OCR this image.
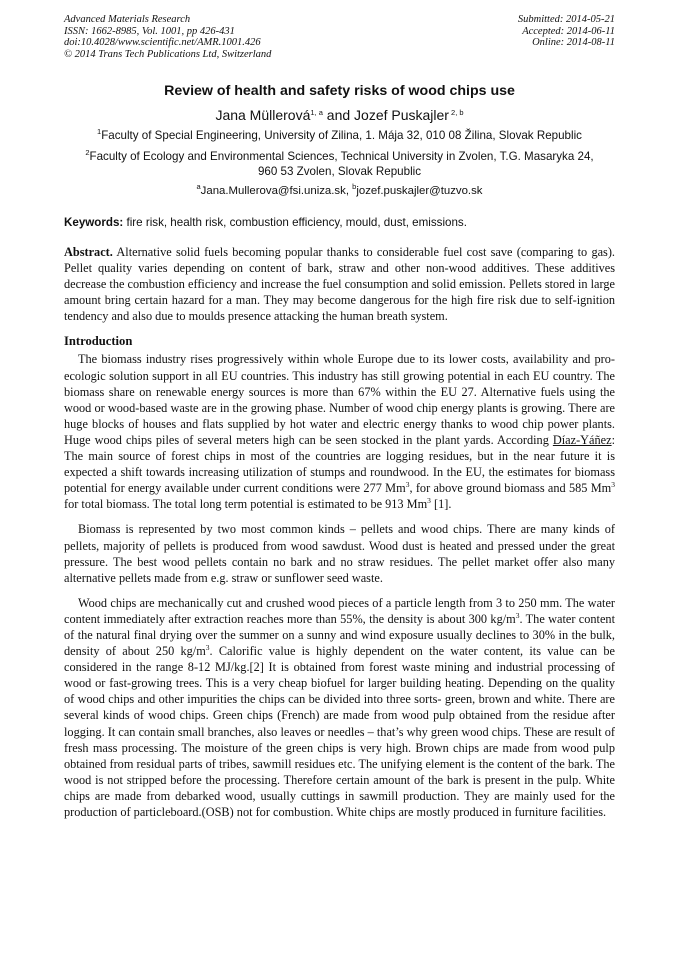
Advanced Materials Research
ISSN: 1662-8985, Vol. 1001, pp 426-431
doi:10.4028/www.scientific.net/AMR.1001.426
© 2014 Trans Tech Publications Ltd, Switzerland
Submitted: 2014-05-21
Accepted: 2014-06-11
Online: 2014-08-11
Review of health and safety risks of wood chips use
Jana Müllerová$^{1, a}$ and Jozef Puskajler $^{2, b}$
$^1$Faculty of Special Engineering, University of Zilina, 1. Mája 32, 010 08 Žilina, Slovak Republic
$^2$Faculty of Ecology and Environmental Sciences, Technical University in Zvolen, T.G. Masaryka 24,
960 53 Zvolen, Slovak Republic
$^a$Jana.Mullerova@fsi.uniza.sk, $^b$jozef.puskajler@tuzvo.sk
Keywords: fire risk, health risk, combustion efficiency, mould, dust, emissions.
Abstract. Alternative solid fuels becoming popular thanks to considerable fuel cost save (comparing to gas). Pellet quality varies depending on content of bark, straw and other non-wood additives. These additives decrease the combustion efficiency and increase the fuel consumption and solid emission. Pellets stored in large amount bring certain hazard for a man. They may become dangerous for the high fire risk due to self-ignition tendency and also due to moulds presence attacking the human breath system.
Introduction

The biomass industry rises progressively within whole Europe due to its lower costs, availability and pro-ecologic solution support in all EU countries. This industry has still growing potential in each EU country. The biomass share on renewable energy sources is more than 67% within the EU 27. Alternative fuels using the wood or wood-based waste are in the growing phase. Number of wood chip energy plants is growing. There are huge blocks of houses and flats supplied by hot water and electric energy thanks to wood chip power plants. Huge wood chips piles of several meters high can be seen stocked in the plant yards. According Díaz-Yáñez: The main source of forest chips in most of the countries are logging residues, but in the near future it is expected a shift towards increasing utilization of stumps and roundwood. In the EU, the estimates for biomass potential for energy available under current conditions were 277 Mm$^3$, for above ground biomass and 585 Mm$^3$ for total biomass. The total long term potential is estimated to be 913 Mm$^3$ [1].

Biomass is represented by two most common kinds – pellets and wood chips. There are many kinds of pellets, majority of pellets is produced from wood sawdust. Wood dust is heated and pressed under the great pressure. The best wood pellets contain no bark and no straw residues. The pellet market offer also many alternative pellets made from e.g. straw or sunflower seed waste.

Wood chips are mechanically cut and crushed wood pieces of a particle length from 3 to 250 mm. The water content immediately after extraction reaches more than 55%, the density is about 300 $kg/m^3$. The water content of the natural final drying over the summer on a sunny and wind exposure usually declines to 30% in the bulk, density of about 250 $kg/m^3$. Calorific value is highly dependent on the water content, its value can be considered in the range 8-12 MJ/kg.[2] It is obtained from forest waste mining and industrial processing of wood or fast-growing trees. This is a very cheap biofuel for larger building heating. Depending on the quality of wood chips and other impurities the chips can be divided into three sorts- green, brown and white. There are several kinds of wood chips. Green chips (French) are made from wood pulp obtained from the residue after logging. It can contain small branches, also leaves or needles – that’s why green wood chips. These are result of fresh mass processing. The moisture of the green chips is very high. Brown chips are made from wood pulp obtained from residual parts of tribes, sawmill residues etc. The unifying element is the content of the bark. The wood is not stripped before the processing. Therefore certain amount of the bark is present in the pulp. White chips are made from debarked wood, usually cuttings in sawmill production. They are mainly used for the production of particleboard.(OSB) not for combustion. White chips are mostly produced in furniture facilities.
